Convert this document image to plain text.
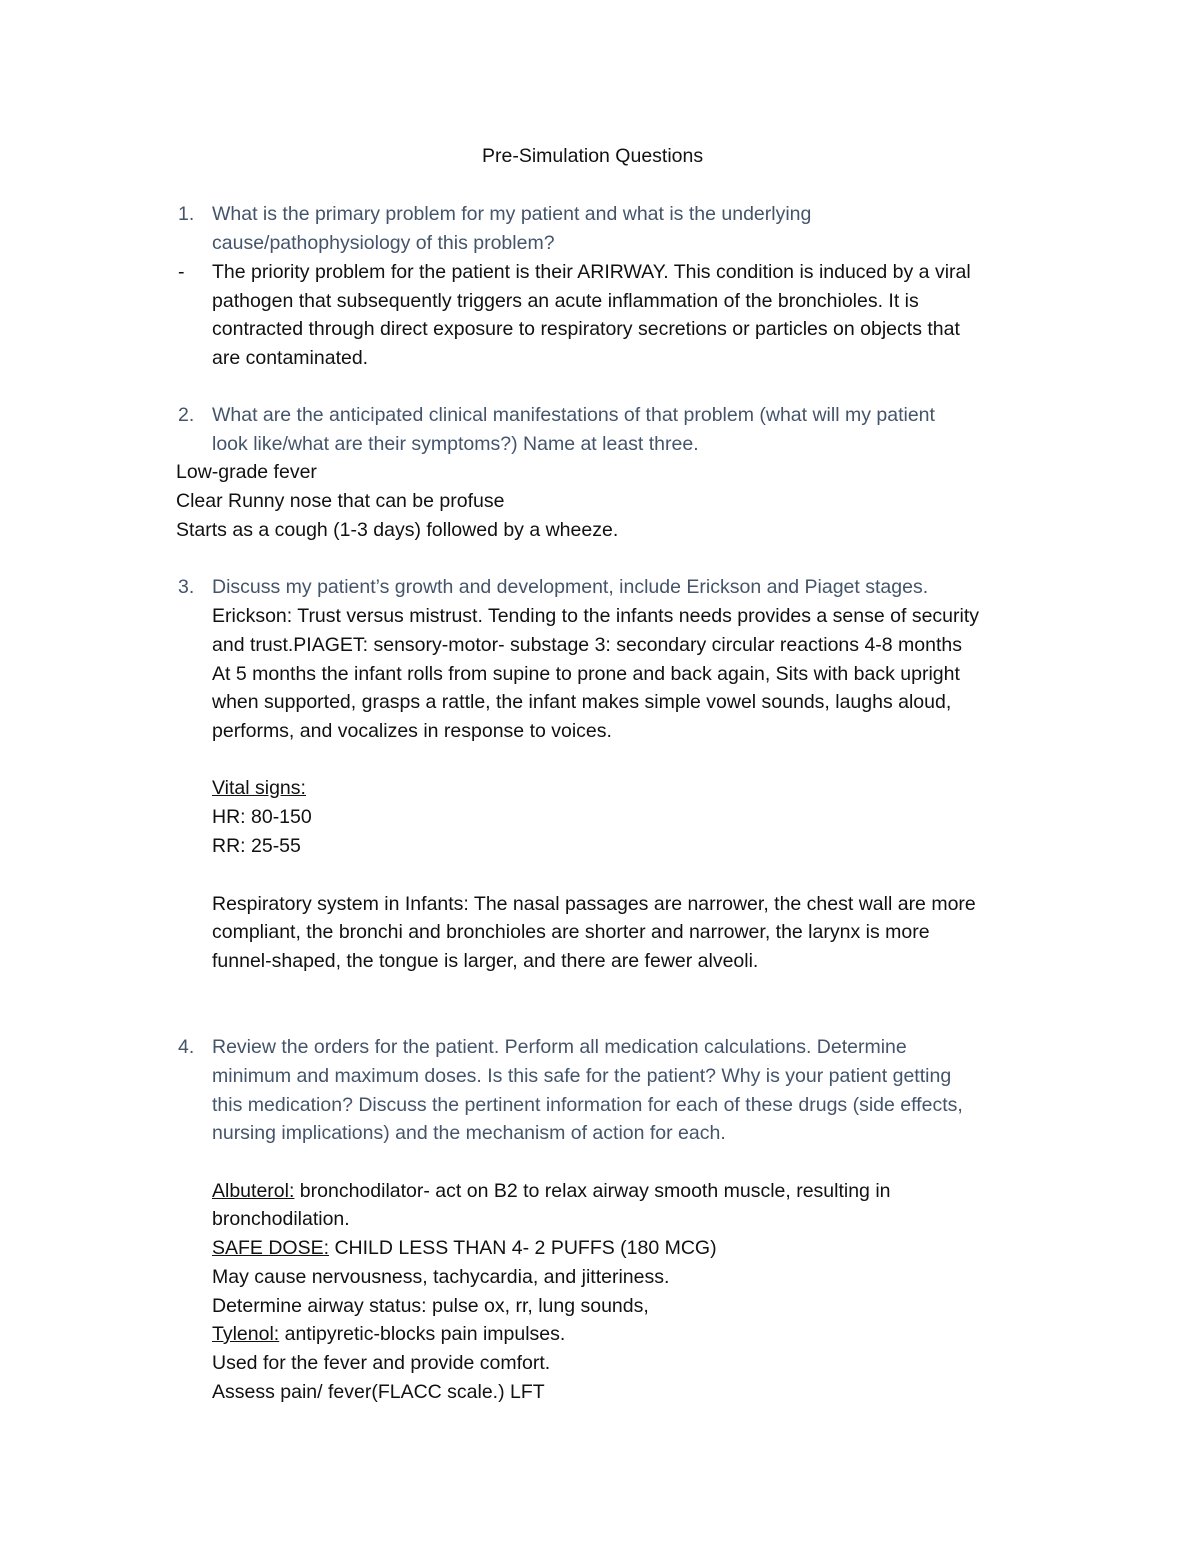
Pre-Simulation Questions
1. What is the primary problem for my patient and what is the underlying
cause/pathophysiology of this problem?
- The priority problem for the patient is their ARIRWAY. This condition is induced by a viral
pathogen that subsequently triggers an acute inflammation of the bronchioles. It is
contracted through direct exposure to respiratory secretions or particles on objects that
are contaminated.
2. What are the anticipated clinical manifestations of that problem (what will my patient
look like/what are their symptoms?) Name at least three.
Low-grade fever
Clear Runny nose that can be profuse
Starts as a cough (1-3 days) followed by a wheeze.
3. Discuss my patient’s growth and development, include Erickson and Piaget stages.
Erickson: Trust versus mistrust. Tending to the infants needs provides a sense of security
and trust.PIAGET: sensory-motor- substage 3: secondary circular reactions 4-8 months
At 5 months the infant rolls from supine to prone and back again, Sits with back upright
when supported, grasps a rattle, the infant makes simple vowel sounds, laughs aloud,
performs, and vocalizes in response to voices.
Vital signs:
HR: 80-150
RR: 25-55
Respiratory system in Infants: The nasal passages are narrower, the chest wall are more
compliant, the bronchi and bronchioles are shorter and narrower, the larynx is more
funnel-shaped, the tongue is larger, and there are fewer alveoli.
4. Review the orders for the patient. Perform all medication calculations. Determine
minimum and maximum doses. Is this safe for the patient? Why is your patient getting
this medication? Discuss the pertinent information for each of these drugs (side effects,
nursing implications) and the mechanism of action for each.
Albuterol: bronchodilator- act on B2 to relax airway smooth muscle, resulting in
bronchodilation.
SAFE DOSE: CHILD LESS THAN 4- 2 PUFFS (180 MCG)
May cause nervousness, tachycardia, and jitteriness.
Determine airway status: pulse ox, rr, lung sounds,
Tylenol: antipyretic-blocks pain impulses.
Used for the fever and provide comfort.
Assess pain/ fever(FLACC scale.) LFT
